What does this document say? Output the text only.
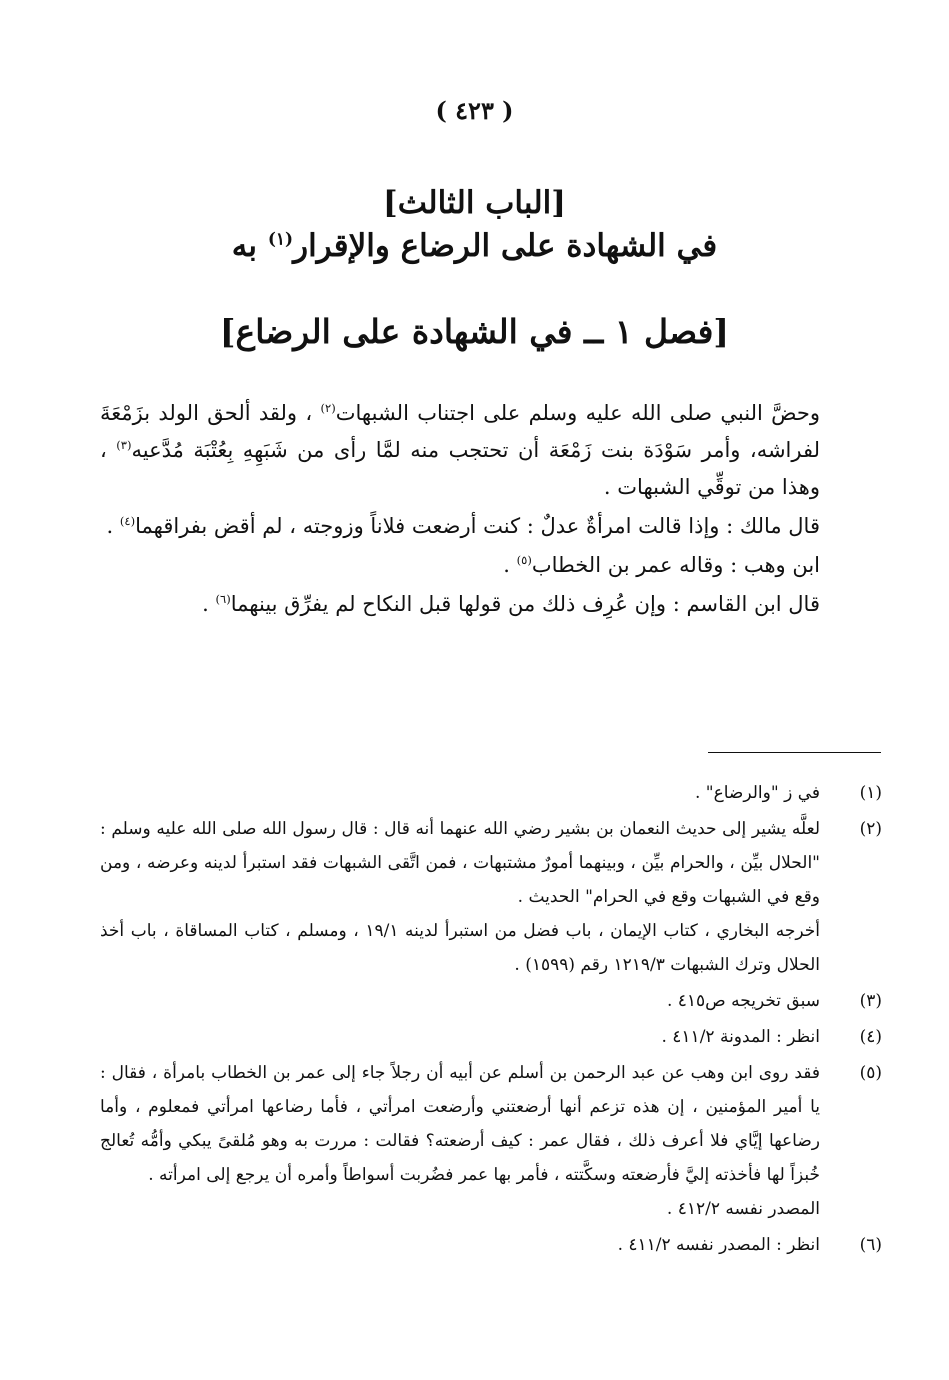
( ٤٢٣ )
[الباب الثالث]
في الشهادة على الرضاع والإقرار$^{(١)}$ به
[فصل ١ ــ في الشهادة على الرضاع]

وحضَّ النبي صلى الله عليه وسلم على اجتناب الشبهات$^{(٢)}$ ، ولقد ألحق الولد بزَمْعَةَ لفراشه، وأمر سَوْدَة بنت زَمْعَة أن تحتجب منه لمَّا رأى من شَبَهِهِ بِعُتْبَة مُدَّعيه$^{(٣)}$ ، وهذا من توقِّي الشبهات .

قال مالك : وإذا قالت امرأةٌ عدلٌ : كنت أرضعت فلاناً وزوجته ، لم أقض بفراقهما$^{(٤)}$ .

ابن وهب : وقاله عمر بن الخطاب$^{(٥)}$ .

قال ابن القاسم : وإن عُرِف ذلك من قولها قبل النكاح لم يفرِّق بينهما$^{(٦)}$ .

(١)

في ز "والرضاع" .

(٢)

لعلَّه يشير إلى حديث النعمان بن بشير رضي الله عنهما أنه قال : قال رسول الله صلى الله عليه وسلم : "الحلال بيِّن ، والحرام بيِّن ، وبينهما أمورٌ مشتبهات ، فمن اتَّقى الشبهات فقد استبرأ لدينه وعرضه ، ومن وقع في الشبهات وقع في الحرام" الحديث .

أخرجه البخاري ، كتاب الإيمان ، باب فضل من استبرأ لدينه ١٩/١ ، ومسلم ، كتاب المساقاة ، باب أخذ الحلال وترك الشبهات ١٢١٩/٣ رقم (١٥٩٩) .

(٣)

سبق تخريجه ص٤١٥ .

(٤)

انظر : المدونة ٤١١/٢ .

(٥)

فقد روى ابن وهب عن عبد الرحمن بن أسلم عن أبيه أن رجلاً جاء إلى عمر بن الخطاب بامرأة ، فقال : يا أمير المؤمنين ، إن هذه تزعم أنها أرضعتني وأرضعت امرأتي ، فأما رضاعها امرأتي فمعلوم ، وأما رضاعها إيَّاي فلا أعرف ذلك ، فقال عمر : كيف أرضعته؟ فقالت : مررت به وهو مُلقىً يبكي وأمُّه تُعالج خُبزاً لها فأخذته إليَّ فأرضعته وسكَّتته ، فأمر بها عمر فضُربت أسواطاً وأمره أن يرجع إلى امرأته .

المصدر نفسه ٤١٢/٢ .

(٦)

انظر : المصدر نفسه ٤١١/٢ .
